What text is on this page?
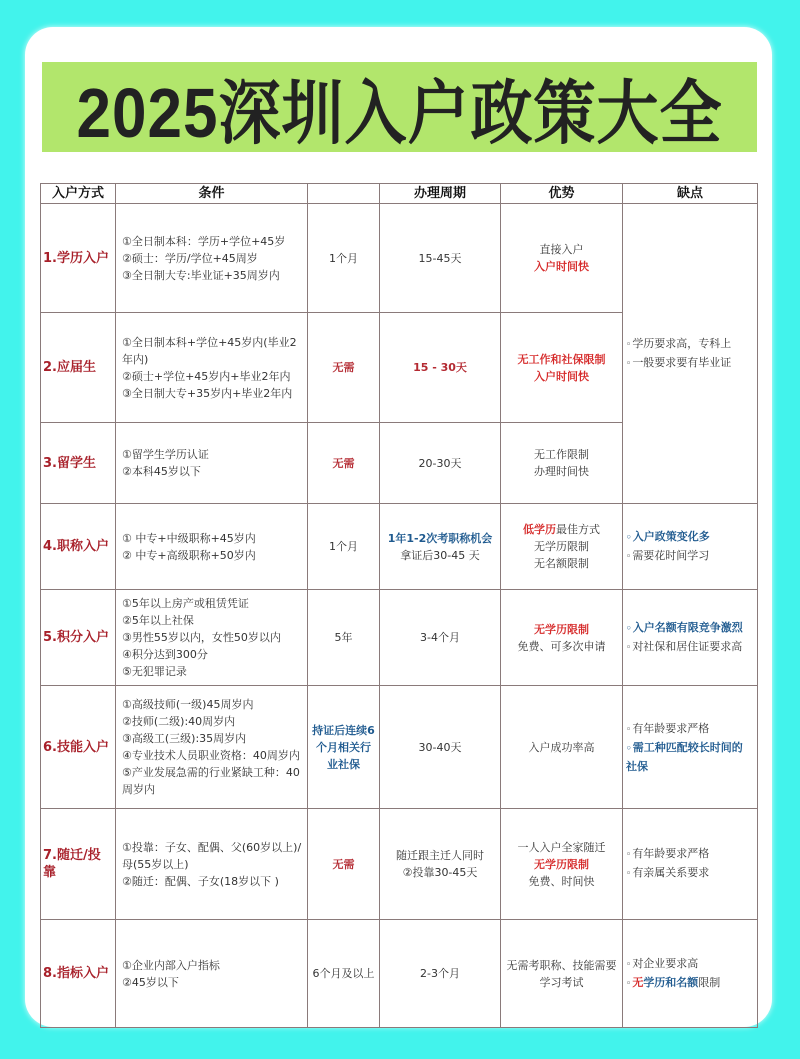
2025深圳入户政策大全
入户方式	条件		办理周期	优势	缺点
1.学历入户	①全日制本科：学历+学位+45岁
②硕士：学历/学位+45周岁
③全日制大专:毕业证+35周岁内	1个月	15-45天	直接入户
入户时间快	◦ 学历要求高，专科上
◦ 一般要求要有毕业证

2.应届生	①全日制本科+学位+45岁内(毕业2年内)
②硕士+学位+45岁内+毕业2年内
③全日制大专+35岁内+毕业2年内	无需	15 - 30天	无工作和社保限制
入户时间快	

3.留学生	①留学生学历认证
②本科45岁以下	无需	20-30天	无工作限制
办理时间快	

4.职称入户	① 中专+中级职称+45岁内
② 中专+高级职称+50岁内	1个月	1年1-2次考职称机会
拿证后30-45 天	低学历最佳方式
无学历限制
无名额限制	◦ 入户政策变化多
◦ 需要花时间学习

5.积分入户	①5年以上房产或租赁凭证
②5年以上社保
③男性55岁以内，女性50岁以内
④积分达到300分
⑤无犯罪记录	5年	3-4个月	无学历限制
免费、可多次申请	◦ 入户名额有限竞争激烈
◦ 对社保和居住证要求高

6.技能入户	①高级技师(一级)45周岁内
②技师(二级):40周岁内
③高级工(三级):35周岁内
④专业技术人员职业资格：40周岁内
⑤产业发展急需的行业紧缺工种：40周岁内	持证后连续6个月相关行业社保	30-40天	入户成功率高	◦ 有年龄要求严格
◦ 需工种匹配较长时间的社保

7.随迁/投靠	①投靠：子女、配偶、父(60岁以上)/母(55岁以上)
②随迁：配偶、子女(18岁以下 )	无需	随迁跟主迁人同时
②投靠30-45天	一人入户全家随迁
无学历限制
免费、时间快	◦ 有年龄要求严格
◦ 有亲属关系要求

8.指标入户	①企业内部入户指标
②45岁以下	6个月及以上	2-3个月	无需考职称、技能需要学习考试	◦ 对企业要求高
◦ 无学历和名额限制
